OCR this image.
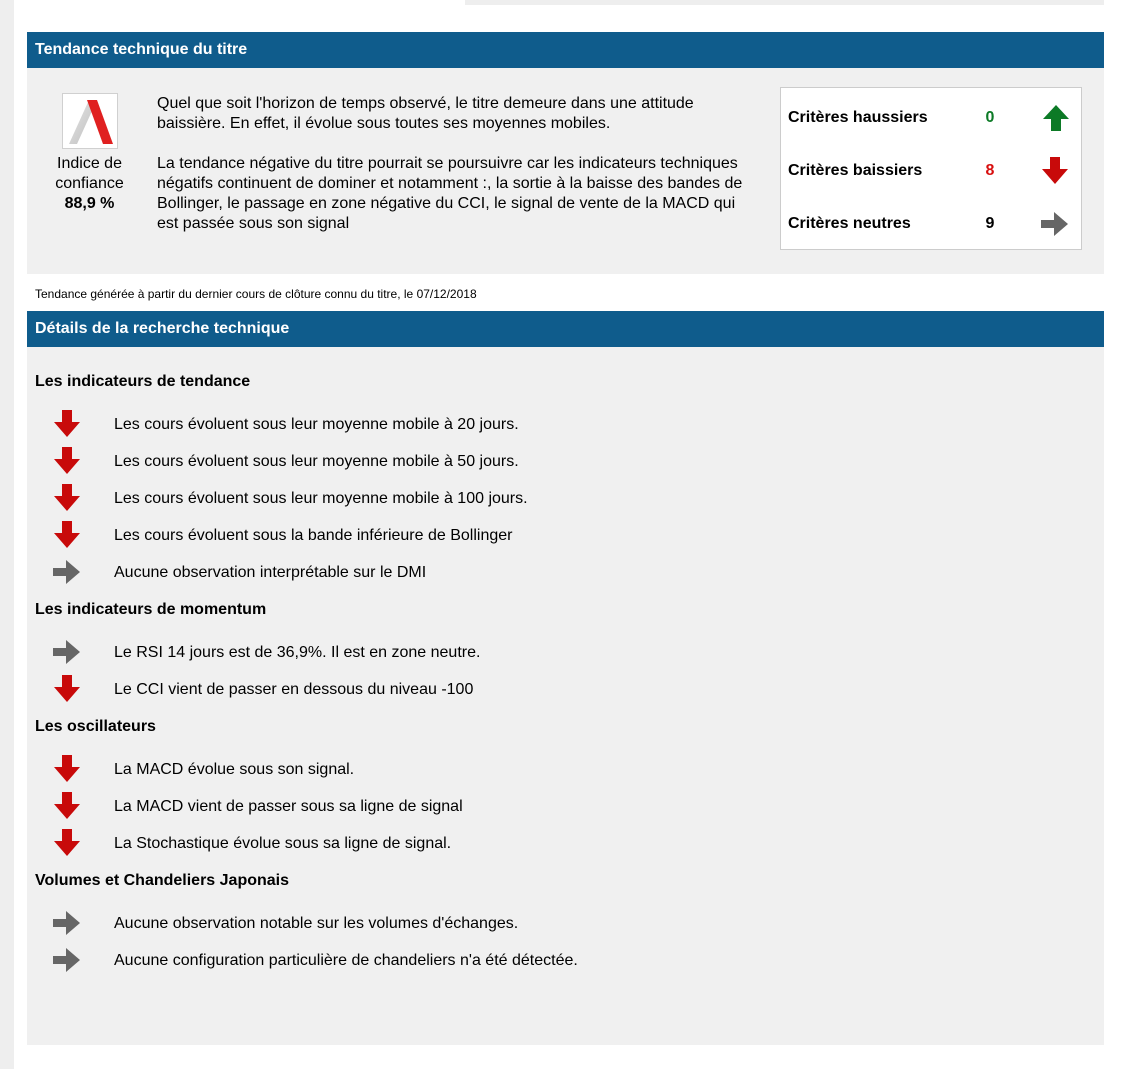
Tendance technique du titre
Indice de
confiance
88,9 %

Quel que soit l'horizon de temps observé, le titre demeure dans une attitude baissière. En effet, il évolue sous toutes ses moyennes mobiles.

La tendance négative du titre pourrait se poursuivre car les indicateurs techniques négatifs continuent de dominer et notamment :, la sortie à la baisse des bandes de Bollinger, le passage en zone négative du CCI, le signal de vente de la MACD qui est passée sous son signal

Critères haussiers	0
Critères baissiers	8
Critères neutres	9
Tendance générée à partir du dernier cours de clôture connu du titre, le 07/12/2018
Détails de la recherche technique
Les indicateurs de tendance
Les cours évoluent sous leur moyenne mobile à 20 jours.
Les cours évoluent sous leur moyenne mobile à 50 jours.
Les cours évoluent sous leur moyenne mobile à 100 jours.
Les cours évoluent sous la bande inférieure de Bollinger
Aucune observation interprétable sur le DMI
Les indicateurs de momentum
Le RSI 14 jours est de 36,9%. Il est en zone neutre.
Le CCI vient de passer en dessous du niveau -100
Les oscillateurs
La MACD évolue sous son signal.
La MACD vient de passer sous sa ligne de signal
La Stochastique évolue sous sa ligne de signal.
Volumes et Chandeliers Japonais
Aucune observation notable sur les volumes d'échanges.
Aucune configuration particulière de chandeliers n'a été détectée.
